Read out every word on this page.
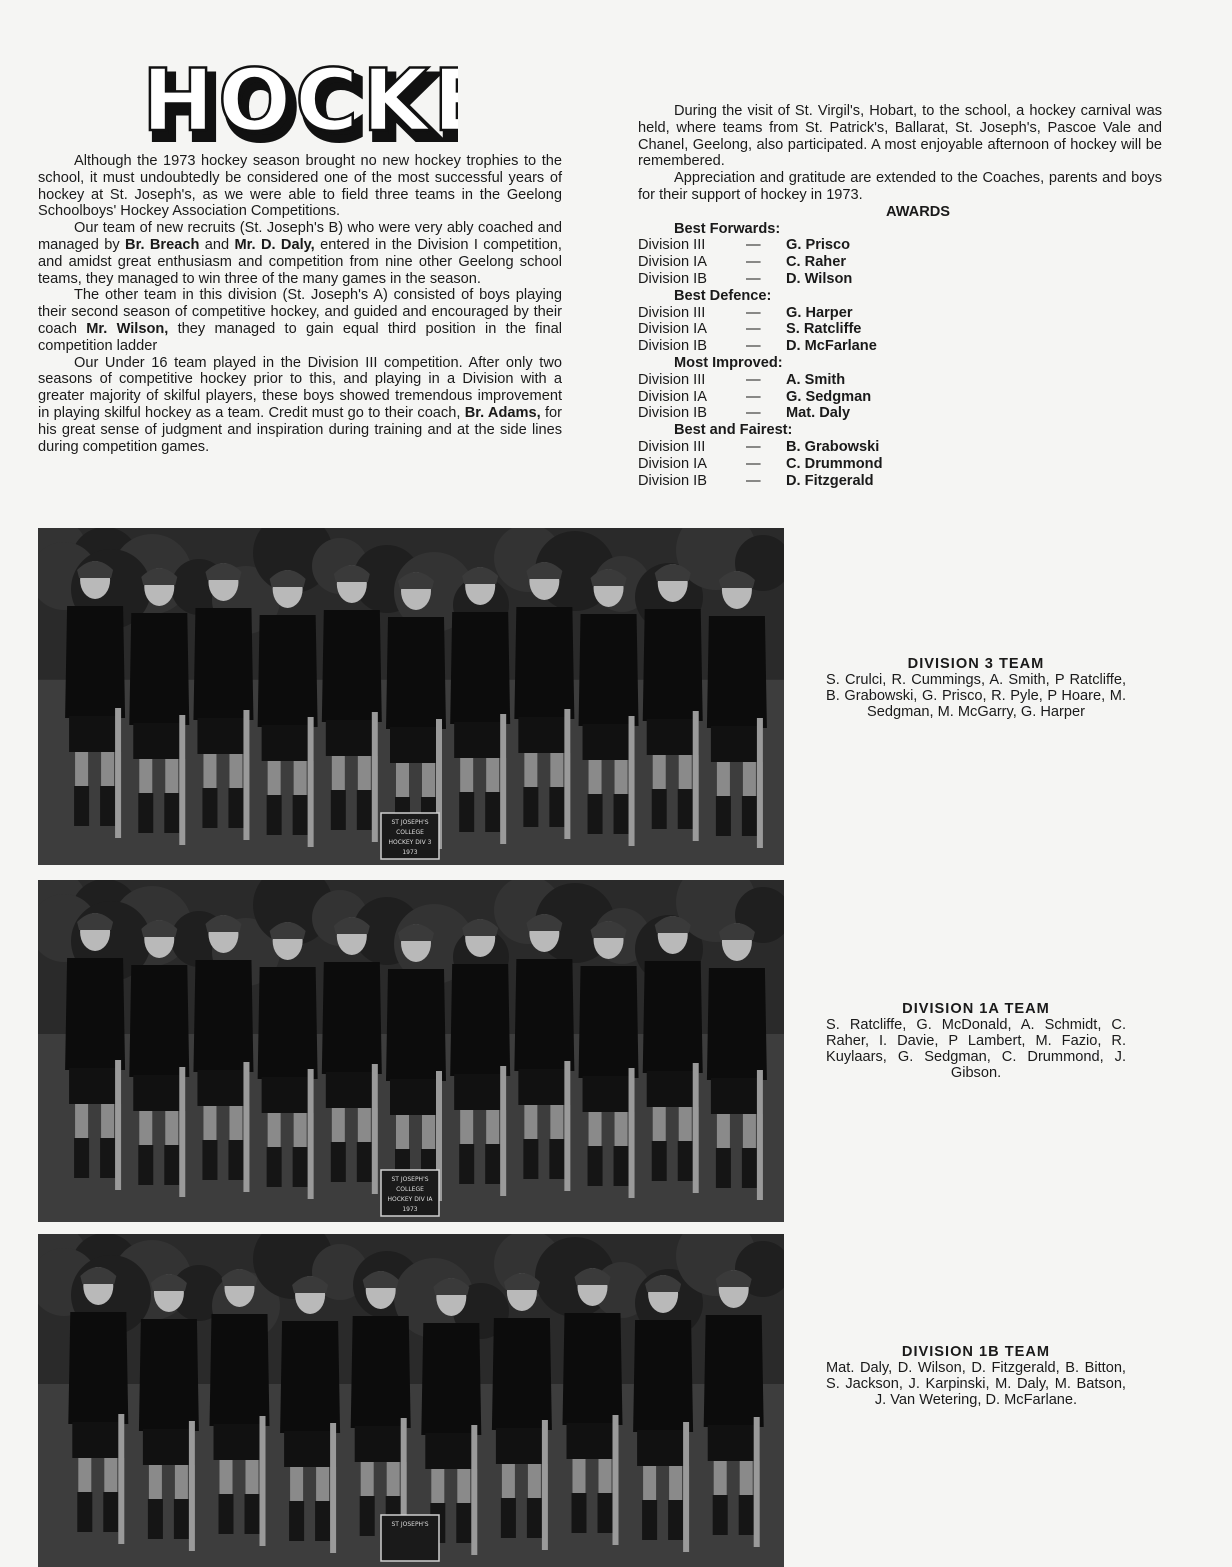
HOCK
HOCK

Although the 1973 hockey season brought no new hockey trophies to the school, it must undoubtedly be considered one of the most successful years of hockey at St. Joseph's, as we were able to field three teams in the Geelong Schoolboys' Hockey Association Competitions.

Our team of new recruits (St. Joseph's B) who were very ably coached and managed by Br. Breach and Mr. D. Daly, entered in the Division I competition, and amidst great enthusiasm and competition from nine other Geelong school teams, they managed to win three of the many games in the season.

The other team in this division (St. Joseph's A) consisted of boys playing their second season of competitive hockey, and guided and encouraged by their coach Mr. Wilson, they managed to gain equal third position in the final competition ladder

Our Under 16 team played in the Division III competition. After only two seasons of competitive hockey prior to this, and playing in a Division with a greater majority of skilful players, these boys showed tremendous improvement in playing skilful hockey as a team. Credit must go to their coach, Br. Adams, for his great sense of judgment and inspiration during training and at the side lines during competition games.

During the visit of St. Virgil's, Hobart, to the school, a hockey carnival was held, where teams from St. Patrick's, Ballarat, St. Joseph's, Pascoe Vale and Chanel, Geelong, also participated. A most enjoyable afternoon of hockey will be remembered.

Appreciation and gratitude are extended to the Coaches, parents and boys for their support of hockey in 1973.

AWARDS

Best Forwards:

Division III	—	G. Prisco
Division IA	—	C. Raher
Division IB	—	D. Wilson

Best Defence:

Division III	—	G. Harper
Division IA	—	S. Ratcliffe
Division IB	—	D. McFarlane

Most Improved:

Division III	—	A. Smith
Division IA	—	G. Sedgman
Division IB	—	Mat. Daly

Best and Fairest:

Division III	—	B. Grabowski
Division IA	—	C. Drummond
Division IB	—	D. Fitzgerald
ST JOSEPH'S
COLLEGE
HOCKEY DIV 3
1973
DIVISION 3 TEAM
S. Crulci, R. Cummings, A. Smith, P Ratcliffe, B. Grabowski, G. Prisco, R. Pyle, P Hoare, M. Sedgman, M. McGarry, G. Harper
ST JOSEPH'S
COLLEGE
HOCKEY DIV IA
1973
DIVISION 1A TEAM
S. Ratcliffe, G. McDonald, A. Schmidt, C. Raher, I. Davie, P Lambert, M. Fazio, R. Kuylaars, G. Sedgman, C. Drummond, J. Gibson.
ST JOSEPH'S
DIVISION 1B TEAM
Mat. Daly, D. Wilson, D. Fitzgerald, B. Bitton, S. Jackson, J. Karpinski, M. Daly, M. Batson, J. Van Wetering, D. McFarlane.
